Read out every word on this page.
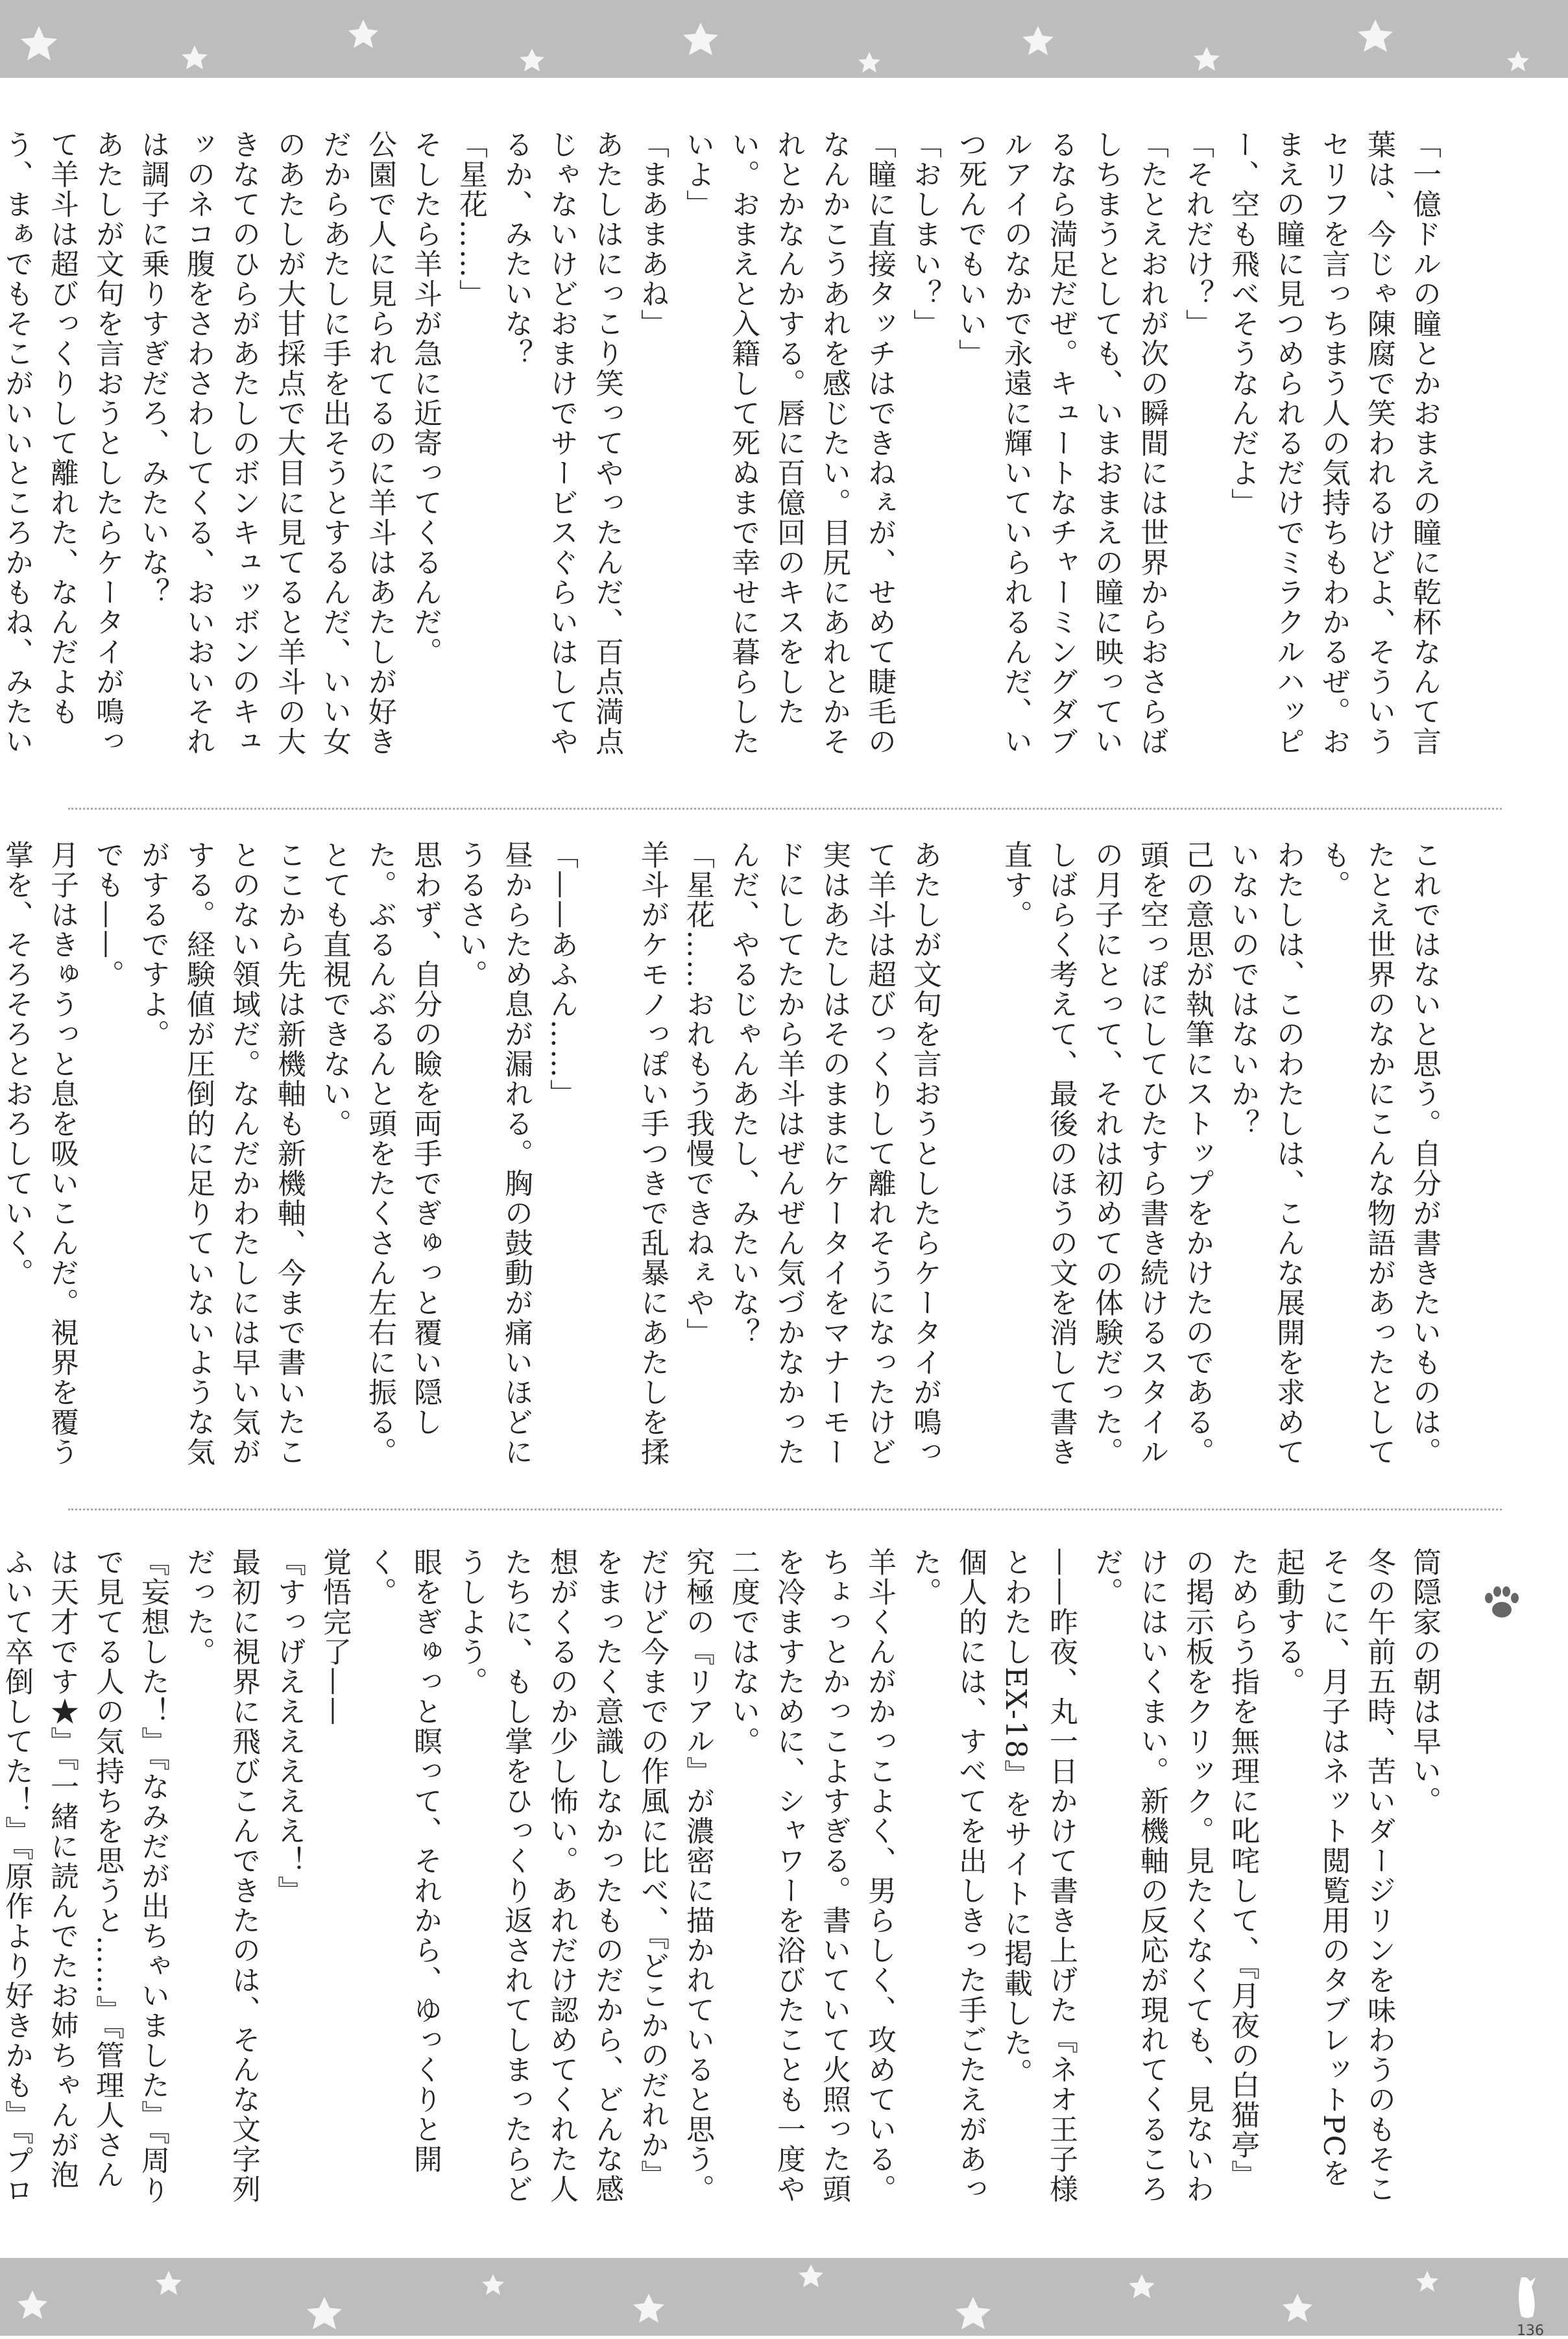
「一億ドルの瞳とかおまえの瞳に乾杯なんて言葉は、今じゃ陳腐で笑われるけどよ、そういうセリフを言っちまう人の気持ちもわかるぜ。おまえの瞳に見つめられるだけでミラクルハッピー、空も飛べそうなんだよ」

「それだけ？」

「たとえおれが次の瞬間には世界からおさらばしちまうとしても、いまおまえの瞳に映っているなら満足だぜ。キュートなチャーミングダブルアイのなかで永遠に輝いていられるんだ、いつ死んでもいい」

「おしまい？」

「瞳に直接タッチはできねぇが、せめて睫毛のなんかこうあれを感じたい。目尻にあれとかそれとかなんかする。唇に百億回のキスをしたい。おまえと入籍して死ぬまで幸せに暮らしたいよ」

「まあまあね」

あたしはにっこり笑ってやったんだ、百点満点じゃないけどおまけでサービスぐらいはしてやるか、みたいな？

「星花……」

そしたら羊斗が急に近寄ってくるんだ。

公園で人に見られてるのに羊斗はあたしが好きだからあたしに手を出そうとするんだ、いい女のあたしが大甘採点で大目に見てると羊斗の大きなてのひらがあたしのボンキュッボンのキュッのネコ腹をさわさわしてくる、おいおいそれは調子に乗りすぎだろ、みたいな？

あたしが文句を言おうとしたらケータイが鳴って羊斗は超びっくりして離れた、なんだよもう、まぁでもそこがいいところかもね、みたい

これではないと思う。自分が書きたいものは。

たとえ世界のなかにこんな物語があったとしても。

わたしは、このわたしは、こんな展開を求めていないのではないか？

己の意思が執筆にストップをかけたのである。頭を空っぽにしてひたすら書き続けるスタイルの月子にとって、それは初めての体験だった。

しばらく考えて、最後のほうの文を消して書き直す。

あたしが文句を言おうとしたらケータイが鳴って羊斗は超びっくりして離れそうになったけど実はあたしはそのままにケータイをマナーモードにしてたから羊斗はぜんぜん気づかなかったんだ、やるじゃんあたし、みたいな？

「星花……おれもう我慢できねぇや」

羊斗がケモノっぽい手つきで乱暴にあたしを揉

「——あふん……」

昼からため息が漏れる。胸の鼓動が痛いほどにうるさい。

思わず、自分の瞼を両手でぎゅっと覆い隠した。ぶるんぶるんと頭をたくさん左右に振る。とても直視できない。

ここから先は新機軸も新機軸、今まで書いたことのない領域だ。なんだかわたしには早い気がする。経験値が圧倒的に足りていないような気がするですよ。

でも——。

月子はきゅうっと息を吸いこんだ。視界を覆う掌を、そろそろとおろしていく。

筒隠家の朝は早い。

冬の午前五時、苦いダージリンを味わうのもそこそこに、月子はネット閲覧用のタブレットPCを起動する。

ためらう指を無理に叱咤して、『月夜の白猫亭』の掲示板をクリック。見たくなくても、見ないわけにはいくまい。新機軸の反応が現れてくるころだ。

——昨夜、丸一日かけて書き上げた『ネオ王子様とわたしEX-18』をサイトに掲載した。

個人的には、すべてを出しきった手ごたえがあった。

羊斗くんがかっこよく、男らしく、攻めている。ちょっとかっこよすぎる。書いていて火照った頭を冷ますために、シャワーを浴びたことも一度や二度ではない。

究極の『リアル』が濃密に描かれていると思う。

だけど今までの作風に比べ、『どこかのだれか』をまったく意識しなかったものだから、どんな感想がくるのか少し怖い。あれだけ認めてくれた人たちに、もし掌をひっくり返されてしまったらどうしよう。

眼をぎゅっと瞑って、それから、ゆっくりと開く。

覚悟完了——

『すっげええええええ！』

最初に視界に飛びこんできたのは、そんな文字列だった。

『妄想した！』『なみだが出ちゃいました』『周りで見てる人の気持ちを思うと……』『管理人さんは天才です★』『一緒に読んでたお姉ちゃんが泡ふいて卒倒してた！』『原作より好きかも』『プロ

136
